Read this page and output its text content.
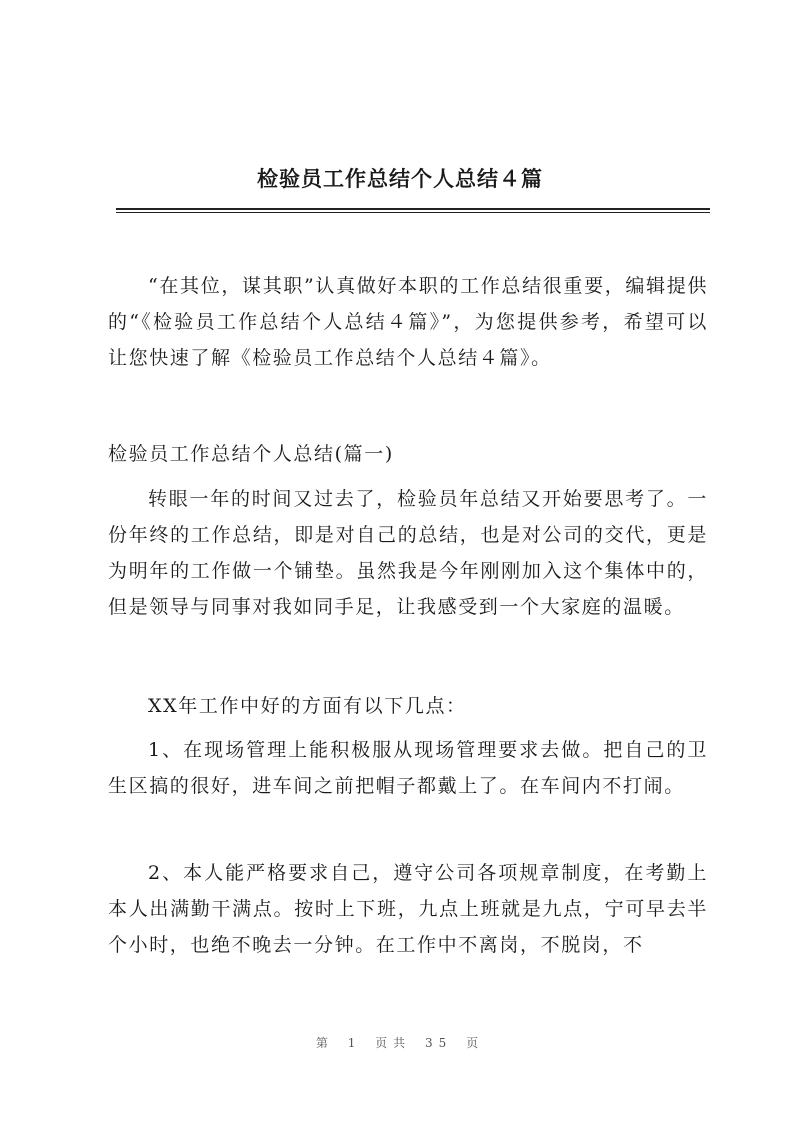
检验员工作总结个人总结４篇

“在其位，谋其职”认真做好本职的工作总结很重要，编辑提供的“《检验员工作总结个人总结４篇》”，为您提供参考，希望可以让您快速了解《检验员工作总结个人总结４篇》。

检验员工作总结个人总结(篇一)

转眼一年的时间又过去了，检验员年总结又开始要思考了。一份年终的工作总结，即是对自己的总结，也是对公司的交代，更是为明年的工作做一个铺垫。虽然我是今年刚刚加入这个集体中的，但是领导与同事对我如同手足，让我感受到一个大家庭的温暖。

XX年工作中好的方面有以下几点：

1、在现场管理上能积极服从现场管理要求去做。把自己的卫生区搞的很好，进车间之前把帽子都戴上了。在车间内不打闹。

2、本人能严格要求自己，遵守公司各项规章制度，在考勤上本人出满勤干满点。按时上下班，九点上班就是九点，宁可早去半个小时，也绝不晚去一分钟。在工作中不离岗，不脱岗，不

第 1 页共 35 页
